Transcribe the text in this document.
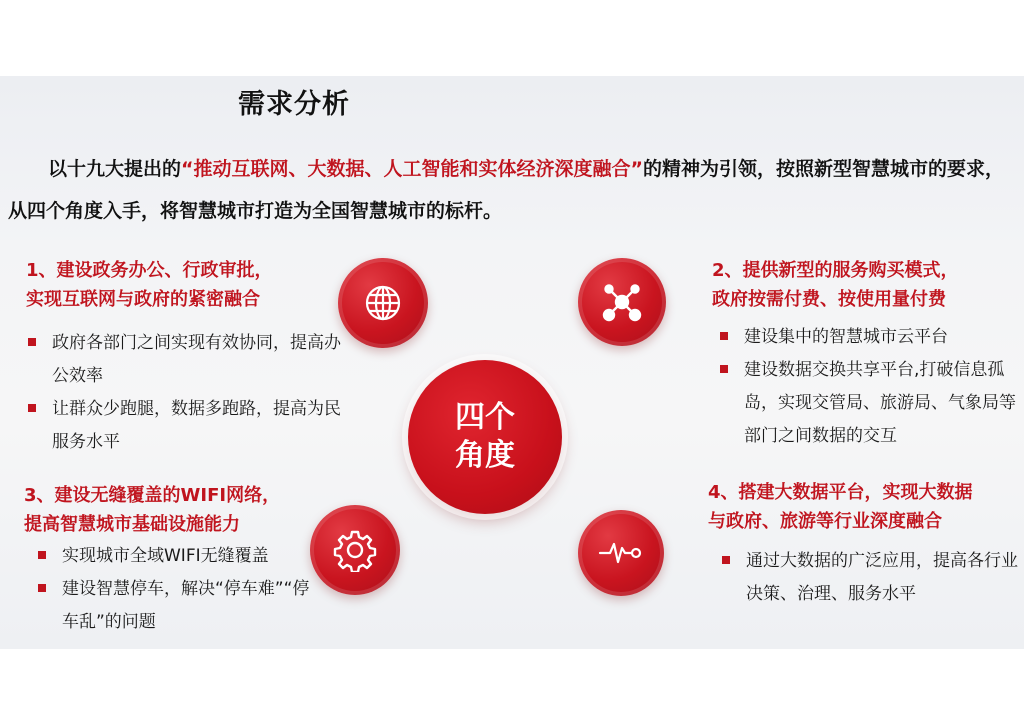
需求分析
以十九大提出的“推动互联网、大数据、人工智能和实体经济深度融合”的精神为引领，按照新型智慧城市的要求，从四个角度入手，将智慧城市打造为全国智慧城市的标杆。
1、建设政务办公、行政审批，
实现互联网与政府的紧密融合
政府各部门之间实现有效协同，提高办公效率
让群众少跑腿，数据多跑路，提高为民服务水平
2、提供新型的服务购买模式，
政府按需付费、按使用量付费
建设集中的智慧城市云平台
建设数据交换共享平台,打破信息孤岛，实现交管局、旅游局、气象局等部门之间数据的交互
3、建设无缝覆盖的WIFI网络，
提高智慧城市基础设施能力
实现城市全域WIFI无缝覆盖
建设智慧停车，解决“停车难”“停车乱”的问题
4、搭建大数据平台，实现大数据
与政府、旅游等行业深度融合
通过大数据的广泛应用，提高各行业决策、治理、服务水平
四个
角度
